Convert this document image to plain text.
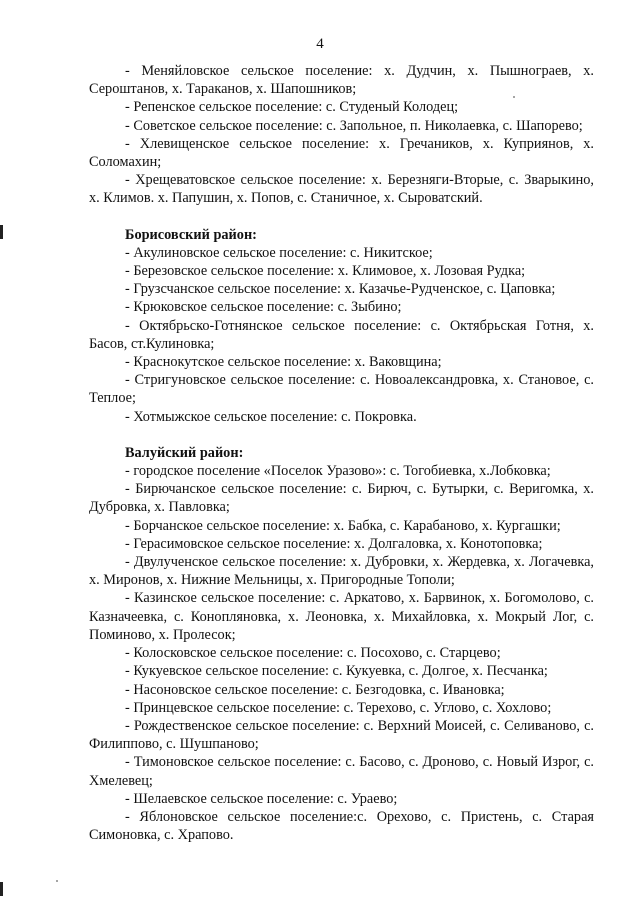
4

- Меняйловское сельское поселение: х. Дудчин, х. Пышнограев, х. Сероштанов, х. Тараканов, х. Шапошников;

- Репенское сельское поселение: с. Студеный Колодец;

- Советское сельское поселение: с. Запольное, п. Николаевка, с. Шапорево;

- Хлевищенское сельское поселение: х. Гречаников, х. Куприянов, х. Соломахин;

- Хрещеватовское сельское поселение: х. Березняги-Вторые, с. Зварыкино, х. Климов. х. Папушин, х. Попов, с. Станичное, х. Сыроватский.

Борисовский район:

- Акулиновское сельское поселение: с. Никитское;

- Березовское сельское поселение: х. Климовое, х. Лозовая Рудка;

- Грузсчанское сельское поселение: х. Казачье-Рудченское, с. Цаповка;

- Крюковское сельское поселение: с. Зыбино;

- Октябрьско-Готнянское сельское поселение: с. Октябрьская Готня, х. Басов, ст.Кулиновка;

- Краснокутское сельское поселение: х. Ваковщина;

- Стригуновское сельское поселение: с. Новоалександровка, х. Становое, с. Теплое;

- Хотмыжское сельское поселение: с. Покровка.

Валуйский район:

- городское поселение «Поселок Уразово»: с. Тогобиевка, х.Лобковка;

- Бирючанское сельское поселение: с. Бирюч, с. Бутырки, с. Веригомка, х. Дубровка, х. Павловка;

- Борчанское сельское поселение: х. Бабка, с. Карабаново, х. Кургашки;

- Герасимовское сельское поселение: х. Долгаловка, х. Конотоповка;

- Двулученское сельское поселение: х. Дубровки, х. Жердевка, х. Логачевка, х. Миронов, х. Нижние Мельницы, х. Пригородные Тополи;

- Казинское сельское поселение: с. Аркатово, х. Барвинок, х. Богомолово, с. Казначеевка, с. Конопляновка, х. Леоновка, х. Михайловка, х. Мокрый Лог, с. Поминово, х. Пролесок;

- Колосковское сельское поселение: с. Посохово, с. Старцево;

- Кукуевское сельское поселение: с. Кукуевка, с. Долгое, х. Песчанка;

- Насоновское сельское поселение: с. Безгодовка, с. Ивановка;

- Принцевское сельское поселение: с. Терехово, с. Углово, с. Хохлово;

- Рождественское сельское поселение: с. Верхний Моисей, с. Селиваново, с. Филиппово, с. Шушпаново;

- Тимоновское сельское поселение: с. Басово, с. Дроново, с. Новый Изрог, с. Хмелевец;

- Шелаевское сельское поселение: с. Ураево;

- Яблоновское сельское поселение:с. Орехово, с. Пристень, с. Старая Симоновка, с. Храпово.
